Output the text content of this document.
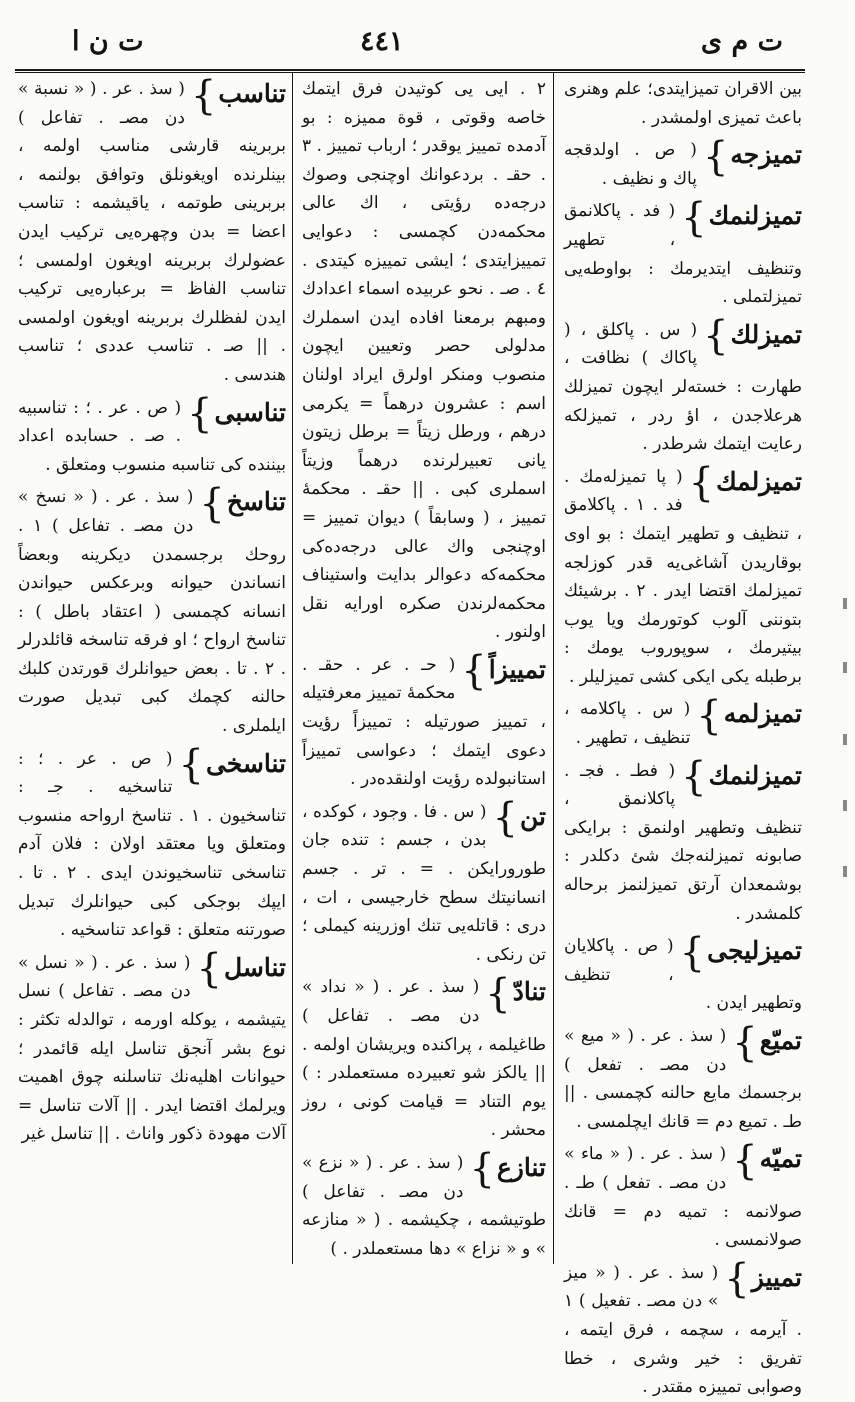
ت م ی
٤٤١
ت ن ا
بين الاقران تميزايتدى؛ علم وهنرى باعث تميزى اولمشدر .
تميزجه }
( ص . اولدقجه پاك و نظيف .
تميزلنمك }
( فد . پاكلانمق ، تطهير وتنظيف ايتديرمك : بواوطه‌يى تميزلتملى .
تميزلك }
( س . پاكلق ، ( پاكاك ) نظافت ، طهارت : خسته‌لر ايچون تميزلك هرعلاجدن ، اؤ ردر ، تميزلكه رعايت ايتمك شرطدر .
تميزلمك }
( پا تميزله‌مك . فد . ١ . پاكلامق ، تنظيف و تطهير ايتمك : بو اوى بوقاريدن آشاغى‌يه قدر كوزلجه تميزلمك اقتضا ايدر . ٢ . برشيئك بتوننى آلوب كوتورمك ويا يوب بيتيرمك ، سوپوروب يومك : برطبله يكى ايكى كشى تميزليلر .
تميزلمه }
( س . پاكلامه ، تنظيف ، تطهير .
تميزلنمك }
( فطـ . فجـ . پاكلانمق ، تنظيف وتطهير اولنمق : برايكى صابونه تميزلنه‌جك شئ دكلدر : بوشمعدان آرتق تميزلنمز برحاله كلمشدر .
تميزليجى }
( ص . پاكلايان ، تنظيف وتطهير ايدن .
تميّع }
( سذ . عر . ( « ميع » دن مصـ . تفعل ) برجسمك مايع حالنه كچمسى . || طـ . تميع دم = قانك ايچلمسى .
تميّه }
( سذ . عر . ( « ماء » دن مصـ . تفعل ) طـ . صولانمه : تميه دم = قانك صولانمسى .
تمييز }
( سذ . عر . ( « ميز » دن مصـ . تفعيل ) ١ . آيرمه ، سچمه ، فرق ايتمه ، تفريق : خير وشرى ، خطا وصوابى تمييزه مقتدر .
٢ . ايى يى كوتيدن فرق ايتمك خاصه وقوتى ، قوة مميزه : بو آدمده تمييز يوقدر ؛ ارباب تمييز . ٣ . حقـ . بردعوانك اوچنجى وصوك درجه‌ده رؤيتى ، اك عالى محكمه‌دن كچمسى : دعوايى تمييزايتدى ؛ ايشى تمييزه كيتدى . ٤ . صـ . نحو عربيده اسماء اعدادك ومبهم برمعنا افاده ايدن اسملرك مدلولى حصر وتعيين ايچون منصوب ومنكر اولرق ايراد اولنان اسم : عشرون درهماً = يكرمى درهم ، ورطل زيتاً = برطل زيتون يانى تعبيرلرنده درهماً وزيتاً اسملرى كبى . || حقـ . محكمهٔ تمييز ، ( وسابقاً ) ديوان تمييز = اوچنجى واك عالى درجه‌ده‌كى محكمه‌كه دعوالر بدايت واستيناف محكمه‌لرندن صكره اورايه نقل اولنور .
تمييزاً }
( حـ . عر . حقـ . محكمهٔ تمييز معرفتيله ، تمييز صورتيله : تمييزاً رؤيت دعوى ايتمك ؛ دعواسى تمييزاً استانبولده رؤيت اولنقده‌در .
تن }
( س . فا . وجود ، كوكده ، بدن ، جسم : تنده جان طورورايكن . = . تر . جسم انسانيتك سطح خارجيسى ، ات ، درى : قاتله‌يى تنك اوزرينه كيملى ؛ تن رنكى .
تنادّ }
( سذ . عر . ( « نداد » دن مصـ . تفاعل ) طاغيلمه ، پراكنده ويريشان اولمه . || يالكز شو تعبيرده مستعملدر : ) يوم التناد = قيامت كونى ، روز محشر .
تنازع }
( سذ . عر . ( « نزع » دن مصـ . تفاعل ) طوتيشمه ، چكيشمه . ( « منازعه » و « نزاع » دها مستعملدر . )
تناسب }
( سذ . عر . ( « نسبة » دن مصـ . تفاعل ) بربرينه قارشى مناسب اولمه ، بينلرنده اويغونلق وتوافق بولنمه ، بربرينى طوتمه ، ياقيشمه : تناسب اعضا = بدن وچهره‌يى تركيب ايدن عضولرك بربرينه اويغون اولمسى ؛ تناسب الفاظ = برعباره‌يى تركيب ايدن لفظلرك بربرينه اويغون اولمسى . || صـ . تناسب عددى ؛ تناسب هندسى .
تناسبى }
( ص . عر . ؛ : تناسبيه . صـ . حسابده اعداد بيننده كى تناسبه منسوب ومتعلق .
تناسخ }
( سذ . عر . ( « نسخ » دن مصـ . تفاعل ) ١ . روحك برجسمدن ديكرينه وبعضاً انساندن حيوانه وبرعكس حيواندن انسانه كچمسى ( اعتقاد باطل ) : تناسخ ارواح ؛ او فرقه تناسخه قائلدرلر . ٢ . تا . بعض حيوانلرك قورتدن كلبك حالنه كچمك كبى تبديل صورت ايلملرى .
تناسخى }
( ص . عر . ؛ : تناسخيه . جـ : تناسخيون . ١ . تناسخ ارواحه منسوب ومتعلق ويا معتقد اولان : فلان آدم تناسخى تناسخيوندن ايدى . ٢ . تا . ايپك بوجكى كبى حيوانلرك تبديل صورتنه متعلق : قواعد تناسخيه .
تناسل }
( سذ . عر . ( « نسل » دن مصـ . تفاعل ) نسل يتيشمه ، يوكله اورمه ، توالدله تكثر : نوع بشر آنجق تناسل ايله قائمدر ؛ حيوانات اهليه‌نك تناسلنه چوق اهميت ويرلمك اقتضا ايدر . || آلات تناسل = آلات مهودة ذكور واناث . || تناسل غير
